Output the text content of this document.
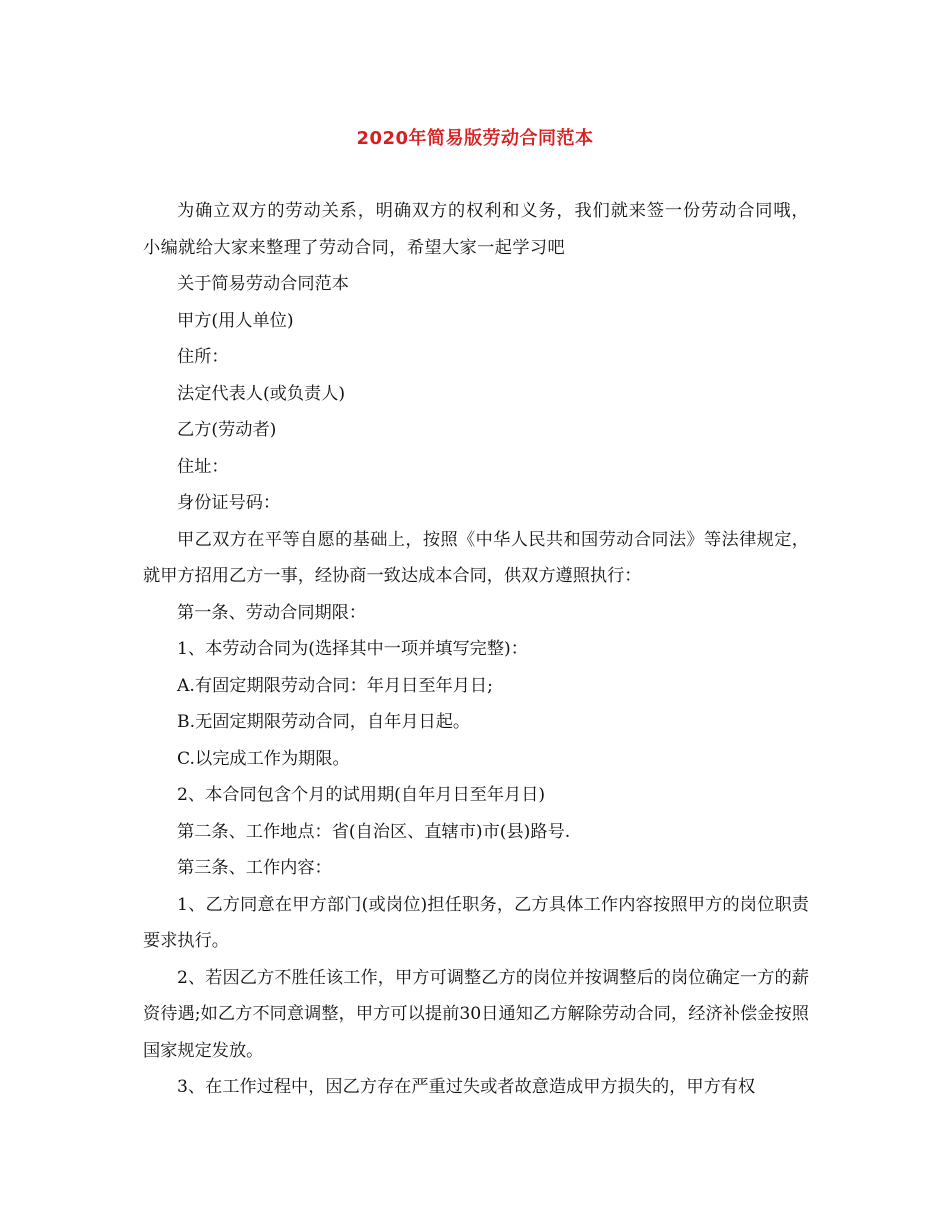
2020年简易版劳动合同范本

为确立双方的劳动关系，明确双方的权利和义务，我们就来签一份劳动合同哦，小编就给大家来整理了劳动合同，希望大家一起学习吧

关于简易劳动合同范本

甲方(用人单位)

住所：

法定代表人(或负责人)

乙方(劳动者)

住址：

身份证号码：

甲乙双方在平等自愿的基础上，按照《中华人民共和国劳动合同法》等法律规定，就甲方招用乙方一事，经协商一致达成本合同，供双方遵照执行：

第一条、劳动合同期限：

1、本劳动合同为(选择其中一项并填写完整)：

A.有固定期限劳动合同：年月日至年月日;

B.无固定期限劳动合同，自年月日起。

C.以完成工作为期限。

2、本合同包含个月的试用期(自年月日至年月日)

第二条、工作地点：省(自治区、直辖市)市(县)路号.

第三条、工作内容：

1、乙方同意在甲方部门(或岗位)担任职务，乙方具体工作内容按照甲方的岗位职责要求执行。

2、若因乙方不胜任该工作，甲方可调整乙方的岗位并按调整后的岗位确定一方的薪资待遇;如乙方不同意调整，甲方可以提前30日通知乙方解除劳动合同，经济补偿金按照国家规定发放。

3、在工作过程中，因乙方存在严重过失或者故意造成甲方损失的，甲方有权
